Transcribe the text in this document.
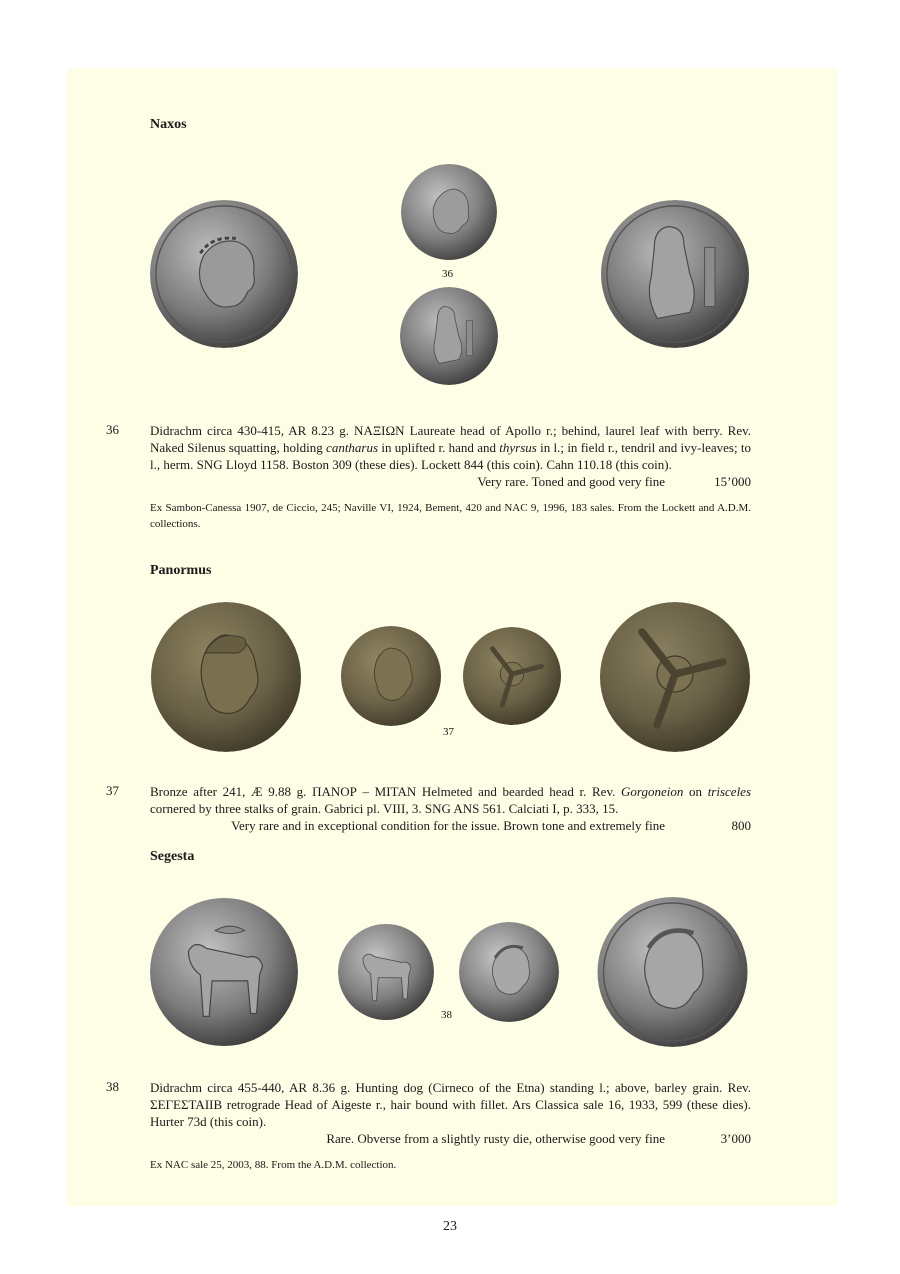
Naxos
36
36 Didrachm circa 430-415, AR 8.23 g. ΝΑΞΙΩΝ Laureate head of Apollo r.; behind, laurel leaf with berry. Rev. Naked Silenus squatting, holding cantharus in uplifted r. hand and thyrsus in l.; in field r., tendril and ivy-leaves; to l., herm. SNG Lloyd 1158. Boston 309 (these dies). Lockett 844 (this coin). Cahn 110.18 (this coin).

Very rare. Toned and good very fine	15’000
Ex Sambon-Canessa 1907, de Ciccio, 245; Naville VI, 1924, Bement, 420 and NAC 9, 1996, 183 sales. From the Lockett and A.D.M. collections.
Panormus
37
37 Bronze after 241, Æ 9.88 g. ΠΑΝΟΡ – ΜΙΤΑΝ Helmeted and bearded head r. Rev. Gorgoneion on trisceles cornered by three stalks of grain. Gabrici pl. VIII, 3. SNG ANS 561. Calciati I, p. 333, 15.

Very rare and in exceptional condition for the issue. Brown tone and extremely fine	800
Segesta
38
38 Didrachm circa 455-440, AR 8.36 g. Hunting dog (Cirneco of the Etna) standing l.; above, barley grain. Rev. ΣΕΓΕΣΤΑΙΙΒ retrograde Head of Aigeste r., hair bound with fillet. Ars Classica sale 16, 1933, 599 (these dies). Hurter 73d (this coin).
Rare. Obverse from a slightly rusty die, otherwise good very fine	3’000
Ex NAC sale 25, 2003, 88. From the A.D.M. collection.
23
